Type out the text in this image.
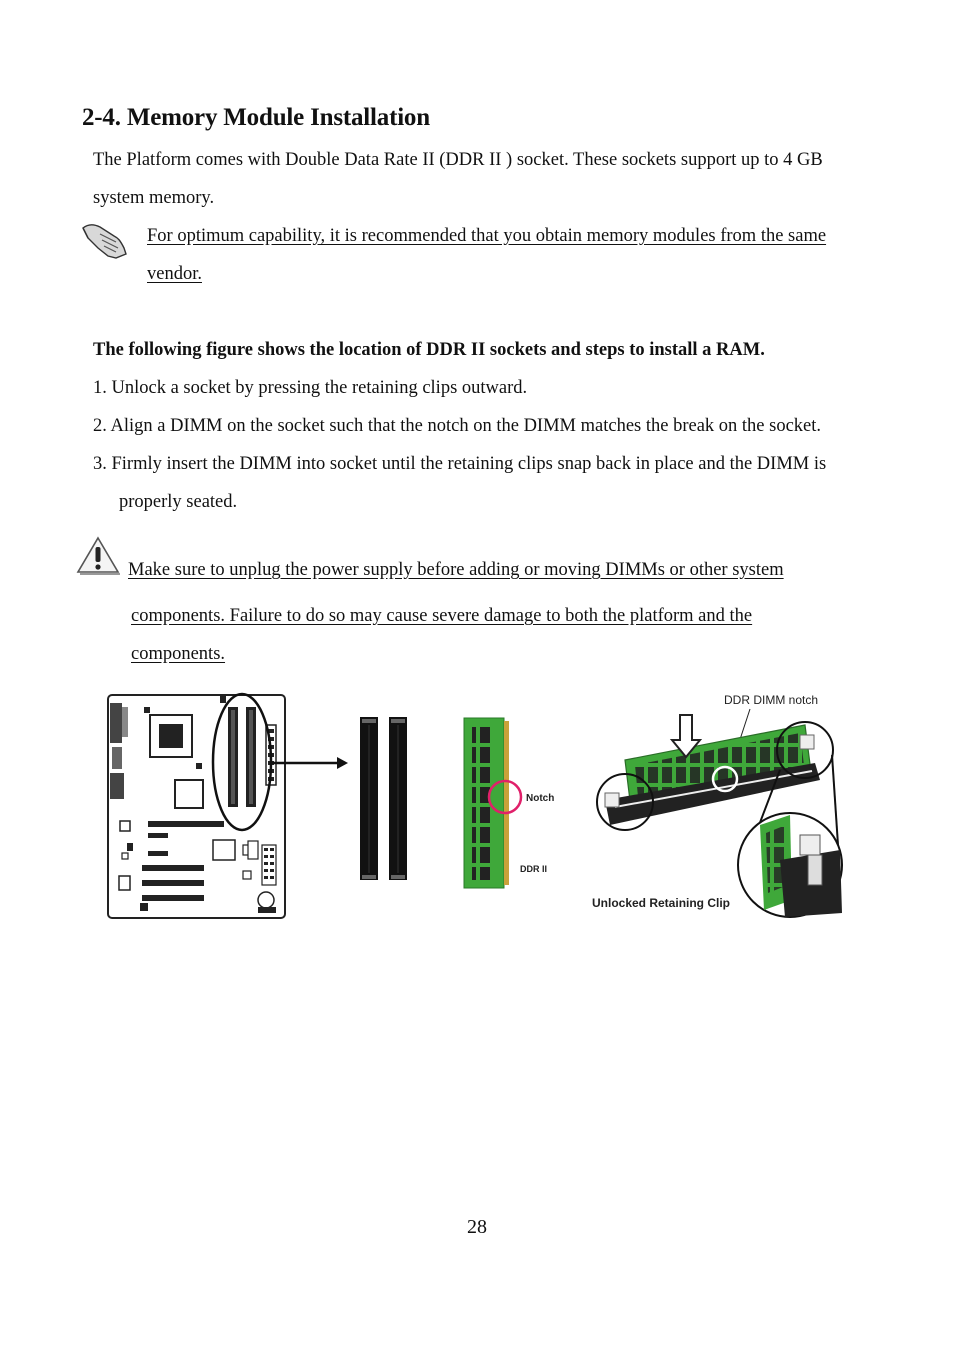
2-4. Memory Module Installation
The Platform comes with Double Data Rate II (DDR II ) socket. These sockets support up to 4 GB
system memory.
For optimum capability, it is recommended that you obtain memory modules from the same
vendor.
The following figure shows the location of DDR II sockets and steps to install a RAM.
1. Unlock a socket by pressing the retaining clips outward.
2. Align a DIMM on the socket such that the notch on the DIMM matches the break on the socket.
3. Firmly insert the DIMM into socket until the retaining clips snap back in place and the DIMM is
properly seated.
Make sure to unplug the power supply before adding or moving DIMMs or other system
components. Failure to do so may cause severe damage to both the platform and the
components.
Notch
DDR II
DDR DIMM notch
Unlocked Retaining Clip
28
